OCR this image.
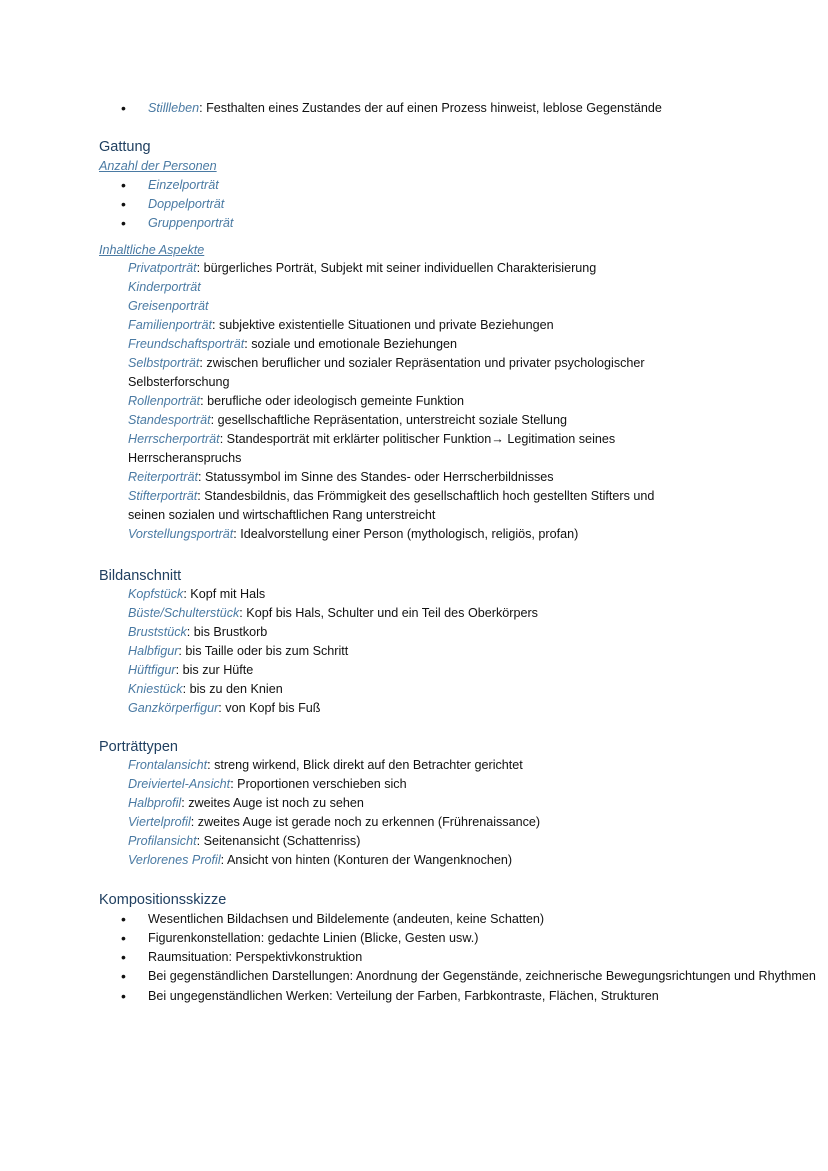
• Stillleben: Festhalten eines Zustandes der auf einen Prozess hinweist, leblose Gegenstände
Gattung
Anzahl der Personen
• Einzelporträt
• Doppelporträt
• Gruppenporträt
Inhaltliche Aspekte
Privatporträt: bürgerliches Porträt, Subjekt mit seiner individuellen Charakterisierung
Kinderporträt
Greisenporträt
Familienporträt: subjektive existentielle Situationen und private Beziehungen
Freundschaftsporträt: soziale und emotionale Beziehungen
Selbstporträt: zwischen beruflicher und sozialer Repräsentation und privater psychologischer Selbsterforschung
Rollenporträt: berufliche oder ideologisch gemeinte Funktion
Standesporträt: gesellschaftliche Repräsentation, unterstreicht soziale Stellung
Herrscherporträt: Standesporträt mit erklärter politischer Funktion→ Legitimation seines Herrscheranspruchs
Reiterporträt: Statussymbol im Sinne des Standes- oder Herrscherbildnisses
Stifterporträt: Standesbildnis, das Frömmigkeit des gesellschaftlich hoch gestellten Stifters und seinen sozialen und wirtschaftlichen Rang unterstreicht
Vorstellungsporträt: Idealvorstellung einer Person (mythologisch, religiös, profan)
Bildanschnitt
Kopfstück: Kopf mit Hals
Büste/Schulterstück: Kopf bis Hals, Schulter und ein Teil des Oberkörpers
Bruststück: bis Brustkorb
Halbfigur: bis Taille oder bis zum Schritt
Hüftfigur: bis zur Hüfte
Kniestück: bis zu den Knien
Ganzkörperfigur: von Kopf bis Fuß
Porträttypen
Frontalansicht: streng wirkend, Blick direkt auf den Betrachter gerichtet
Dreiviertel-Ansicht: Proportionen verschieben sich
Halbprofil: zweites Auge ist noch zu sehen
Viertelprofil: zweites Auge ist gerade noch zu erkennen (Frührenaissance)
Profilansicht: Seitenansicht (Schattenriss)
Verlorenes Profil: Ansicht von hinten (Konturen der Wangenknochen)
Kompositionsskizze
• Wesentlichen Bildachsen und Bildelemente (andeuten, keine Schatten)
• Figurenkonstellation: gedachte Linien (Blicke, Gesten usw.)
• Raumsituation: Perspektivkonstruktion
• Bei gegenständlichen Darstellungen: Anordnung der Gegenstände, zeichnerische Bewegungsrichtungen und Rhythmen
• Bei ungegenständlichen Werken: Verteilung der Farben, Farbkontraste, Flächen, Strukturen
